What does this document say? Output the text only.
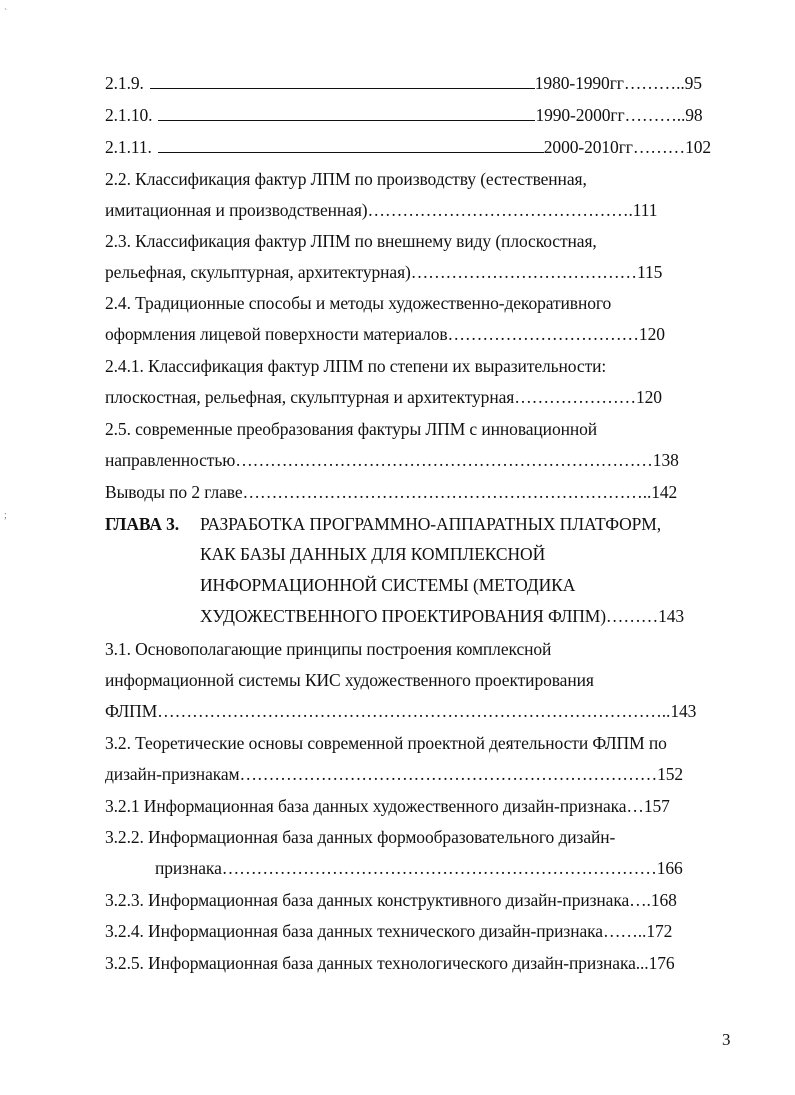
2.1.9.	1980-1990гг………..95
2.1.10.	1990-2000гг………..98
2.1.11.	2000-2010гг………102
2.2. Классификация фактур ЛПМ по производству (естественная,
имитационная и производственная)……………………………………….111
2.3. Классификация фактур ЛПМ по внешнему виду (плоскостная,
рельефная, скульптурная, архитектурная)…………………………………115
2.4. Традиционные способы и методы художественно-декоративного
оформления лицевой поверхности материалов……………………………120
2.4.1. Классификация фактур ЛПМ по степени их выразительности:
плоскостная, рельефная, скульптурная и архитектурная…………………120
2.5. современные преобразования фактуры ЛПМ с инновационной
направленностью………………………………………………………………138
Выводы по 2 главе……………………………………………………………..142
ГЛАВА 3. РАЗРАБОТКА ПРОГРАММНО-АППАРАТНЫХ ПЛАТФОРМ,
КАК БАЗЫ ДАННЫХ ДЛЯ КОМПЛЕКСНОЙ
ИНФОРМАЦИОННОЙ СИСТЕМЫ (МЕТОДИКА
ХУДОЖЕСТВЕННОГО ПРОЕКТИРОВАНИЯ ФЛПМ)………143
3.1. Основополагающие принципы построения комплексной
информационной системы КИС художественного проектирования
ФЛПМ……………………………………………………………………………..143
3.2. Теоретические основы современной проектной деятельности ФЛПМ по
дизайн-признакам………………………………………………………………152
3.2.1 Информационная база данных художественного дизайн-признака…157
3.2.2. Информационная база данных формообразовательного дизайн-
признака…………………………………………………………………166
3.2.3. Информационная база данных конструктивного дизайн-признака….168
3.2.4. Информационная база данных технического дизайн-признака……..172
3.2.5. Информационная база данных технологического дизайн-признака...176
3
`
;
